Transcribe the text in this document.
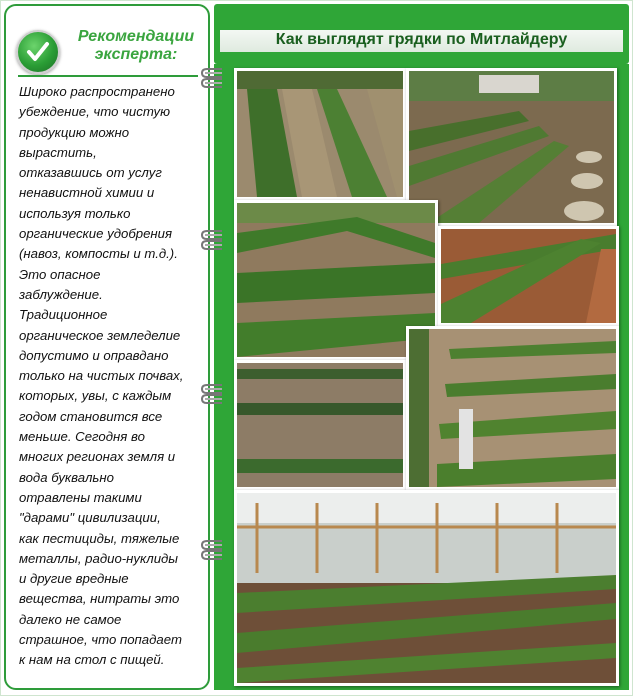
Рекомендации
эксперта:
Широко распространено
убеждение, что чистую
продукцию можно
вырастить,
отказавшись от услуг
ненавистной химии и
используя только
органические удобрения
(навоз, компосты и т.д.).
Это опасное
заблуждение.
Традиционное
органическое земледелие
допустимо и оправдано
только на чистых почвах,
которых, увы, с каждым
годом становится все
меньше. Сегодня во
многих регионах земля и
вода буквально
отравлены такими
"дарами" цивилизации,
как пестициды, тяжелые
металлы, радио-нуклиды
и другие вредные
вещества, нитраты это
далеко не самое
страшное, что попадает
к нам на стол с пищей.
Как выглядят грядки по Митлайдеру
